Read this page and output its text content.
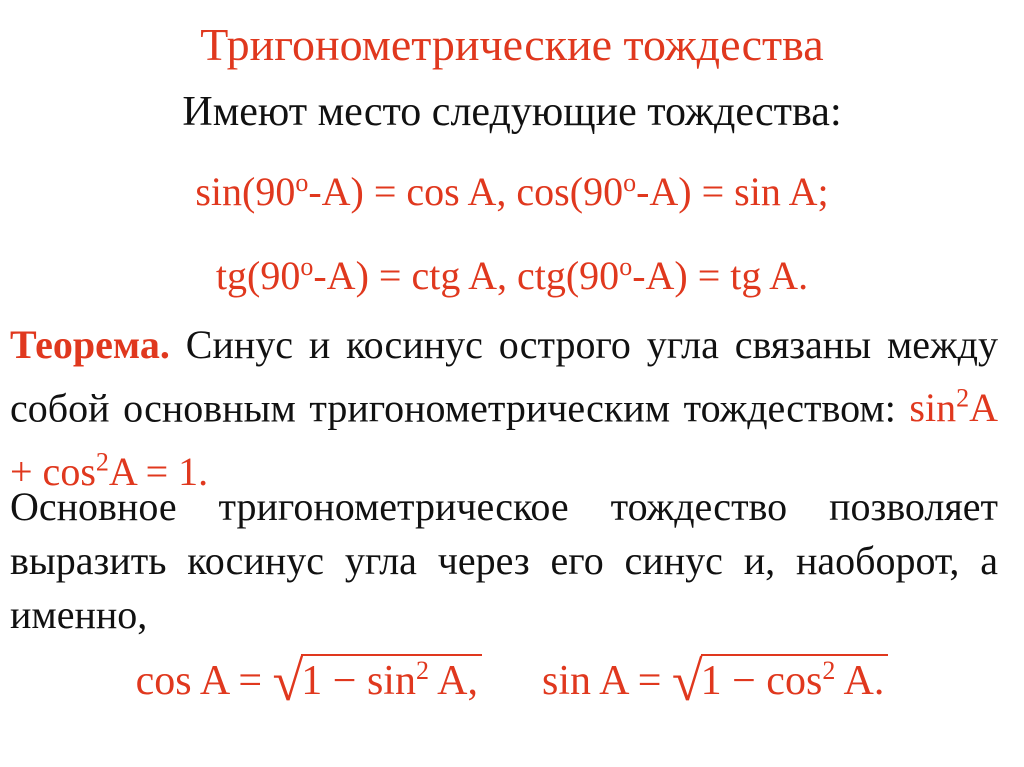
Тригонометрические тождества
Имеют место следующие тождества:
$\sin(90^o-A) = \cos A$, $\cos(90^o-A) = \sin A$;
$tg(90^o-A)$ = ctg A, $ctg(90^o-A)$ = tg A.
Теорема. Синус и косинус острого угла связаны между собой основным тригонометрическим тождеством: $\sin^2A + \cos^2A = 1$.
Основное тригонометрическое тождество позволяет выразить косинус угла через его синус и, наоборот, а именно,
$\cos A = √1 - \sin^2 A$, $\sin A = √1 - \cos^2 A$.
